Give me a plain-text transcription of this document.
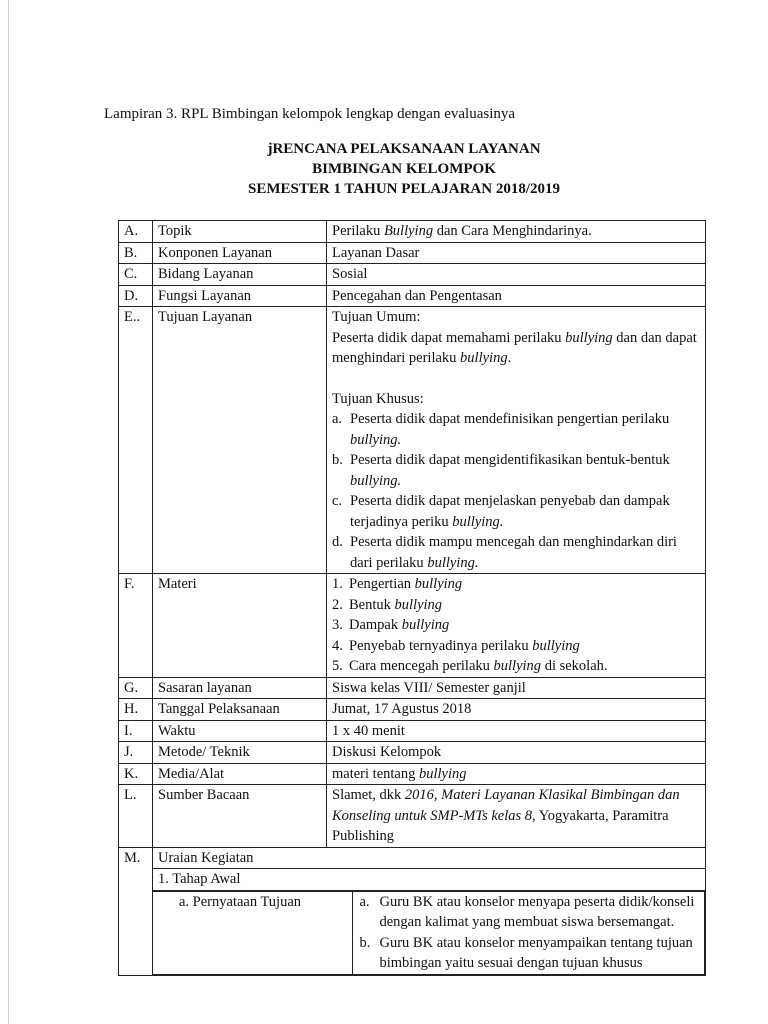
Lampiran 3. RPL Bimbingan kelompok lengkap dengan evaluasinya
jRENCANA PELAKSANAAN LAYANAN
BIMBINGAN KELOMPOK
SEMESTER 1 TAHUN PELAJARAN 2018/2019
A.	Topik	Perilaku Bullying dan Cara Menghindarinya.
B.	Konponen Layanan	Layanan Dasar
C.	Bidang Layanan	Sosial
D.	Fungsi Layanan	Pencegahan dan Pengentasan
E..	Tujuan Layanan	Tujuan Umum:
Peserta didik dapat memahami perilaku bullying dan dan dapat menghindari perilaku bullying.
Tujuan Khusus:
a. Peserta didik dapat mendefinisikan pengertian perilaku bullying.
b. Peserta didik dapat mengidentifikasikan bentuk-bentuk bullying.
c. Peserta didik dapat menjelaskan penyebab dan dampak terjadinya periku bullying.
d. Peserta didik mampu mencegah dan menghindarkan diri dari perilaku bullying.

F.	Materi	1. Pengertian bullying
2. Bentuk bullying
3. Dampak bullying
4. Penyebab ternyadinya perilaku bullying
5. Cara mencegah perilaku bullying di sekolah.

G.	Sasaran layanan	Siswa kelas VIII/ Semester ganjil
H.	Tanggal Pelaksanaan	Jumat, 17 Agustus 2018
I.	Waktu	1 x 40 menit
J.	Metode/ Teknik	Diskusi Kelompok
K.	Media/Alat	materi tentang bullying
L.	Sumber Bacaan	Slamet, dkk 2016, Materi Layanan Klasikal Bimbingan dan Konseling untuk SMP-MTs kelas 8, Yogyakarta, Paramitra Publishing
M.	Uraian Kegiatan
1. Tahap Awal
a. Pernyataan Tujuan	a. Guru BK atau konselor menyapa peserta didik/konseli dengan kalimat yang membuat siswa bersemangat.
b. Guru BK atau konselor menyampaikan tentang tujuan bimbingan yaitu sesuai dengan tujuan khusus
